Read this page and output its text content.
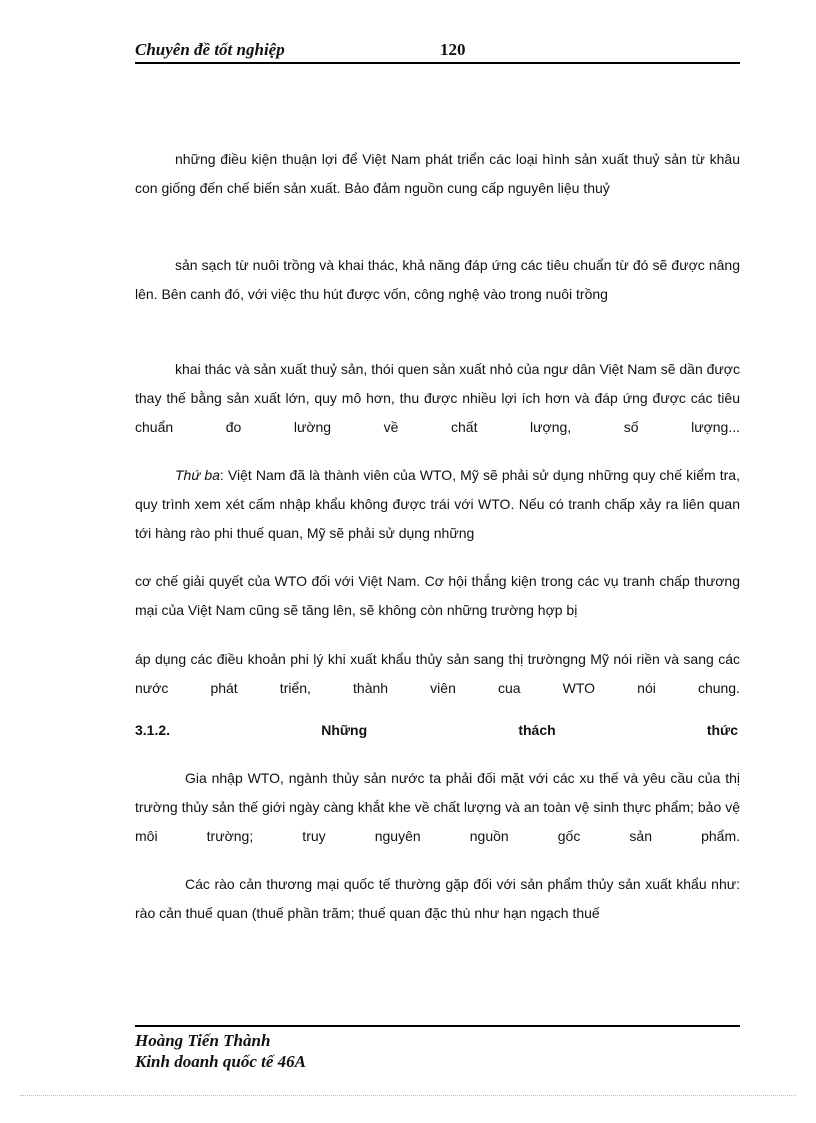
Chuyên đề tốt nghiệp	120

những điều kiện thuận lợi để Việt Nam phát triển các loại hình sản xuất thuỷ sản từ khâu con giống đến chế biến sản xuất. Bảo đảm nguồn cung cấp nguyên liệu thuỷ

sản sạch từ nuôi trồng và khai thác, khả năng đáp ứng các tiêu chuẩn từ đó sẽ được nâng lên. Bên canh đó, với việc thu hút được vốn, công nghệ vào trong nuôi trồng

khai thác và sản xuất thuỷ sản, thói quen sản xuất nhỏ của ngư dân Việt Nam sẽ dần được thay thế bằng sản xuất lớn, quy mô hơn, thu được nhiều lợi ích hơn và đáp ứng được các tiêu chuẩn đo lường về chất lượng, số lượng...

Thứ ba: Việt Nam đã là thành viên của WTO, Mỹ sẽ phải sử dụng những quy chế kiểm tra, quy trình xem xét cấm nhập khẩu không được trái với WTO. Nếu có tranh chấp xảy ra liên quan tới hàng rào phi thuế quan, Mỹ sẽ phải sử dụng những

cơ chế giải quyết của WTO đối với Việt Nam. Cơ hội thắng kiện trong các vụ tranh chấp thương mại của Việt Nam cũng sẽ tăng lên, sẽ không còn những trường hợp bị

áp dụng các điều khoản phi lý khi xuất khẩu thủy sản sang thị trườngng Mỹ nói riền và sang các nước phát triển, thành viên cua WTO nói chung.

3.1.2.	Những	thách	thức

Gia nhập WTO, ngành thủy sản nước ta phải đối mặt với các xu thế và yêu cầu của thị trường thủy sản thế giới ngày càng khắt khe về chất lượng và an toàn vệ sinh thực phẩm; bảo vệ môi trường; truy nguyên nguồn gốc sản phẩm.

Các rào cản thương mại quốc tế thường gặp đối với sản phẩm thủy sản xuất khẩu như: rào cản thuế quan (thuế phần trăm; thuế quan đặc thù như hạn ngạch thuế

Hoàng Tiến Thành
Kinh doanh quốc tế 46A
